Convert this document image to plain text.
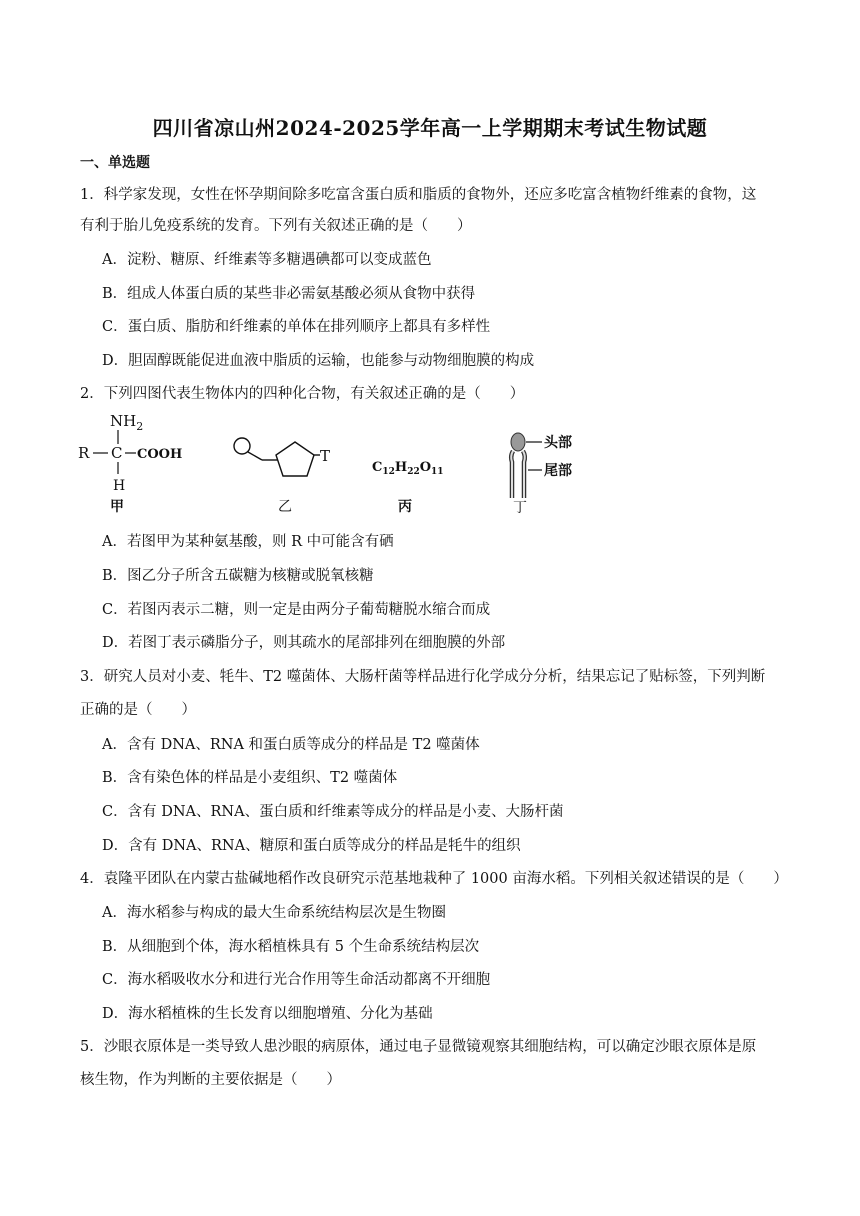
四川省凉山州2024-2025学年高一上学期期末考试生物试题
一、单选题
1．科学家发现，女性在怀孕期间除多吃富含蛋白质和脂质的食物外，还应多吃富含植物纤维素的食物，这
有利于胎儿免疫系统的发育。下列有关叙述正确的是（　　）
A．淀粉、糖原、纤维素等多糖遇碘都可以变成蓝色
B．组成人体蛋白质的某些非必需氨基酸必须从食物中获得
C．蛋白质、脂肪和纤维素的单体在排列顺序上都具有多样性
D．胆固醇既能促进血液中脂质的运输，也能参与动物细胞膜的构成
2．下列四图代表生物体内的四种化合物，有关叙述正确的是（　　）
$NH_2$
R C COOH
H
甲
T
乙
$C_{12}H_{22}O_{11}$
丙
头部
尾部
丁
A．若图甲为某种氨基酸，则 R 中可能含有硒
B．图乙分子所含五碳糖为核糖或脱氧核糖
C．若图丙表示二糖，则一定是由两分子葡萄糖脱水缩合而成
D．若图丁表示磷脂分子，则其疏水的尾部排列在细胞膜的外部
3．研究人员对小麦、牦牛、T2 噬菌体、大肠杆菌等样品进行化学成分分析，结果忘记了贴标签，下列判断
正确的是（　　）
A．含有 DNA、RNA 和蛋白质等成分的样品是 T2 噬菌体
B．含有染色体的样品是小麦组织、T2 噬菌体
C．含有 DNA、RNA、蛋白质和纤维素等成分的样品是小麦、大肠杆菌
D．含有 DNA、RNA、糖原和蛋白质等成分的样品是牦牛的组织
4．袁隆平团队在内蒙古盐碱地稻作改良研究示范基地栽种了 1000 亩海水稻。下列相关叙述错误的是（　　）
A．海水稻参与构成的最大生命系统结构层次是生物圈
B．从细胞到个体，海水稻植株具有 5 个生命系统结构层次
C．海水稻吸收水分和进行光合作用等生命活动都离不开细胞
D．海水稻植株的生长发育以细胞增殖、分化为基础
5．沙眼衣原体是一类导致人患沙眼的病原体，通过电子显微镜观察其细胞结构，可以确定沙眼衣原体是原
核生物，作为判断的主要依据是（　　）
